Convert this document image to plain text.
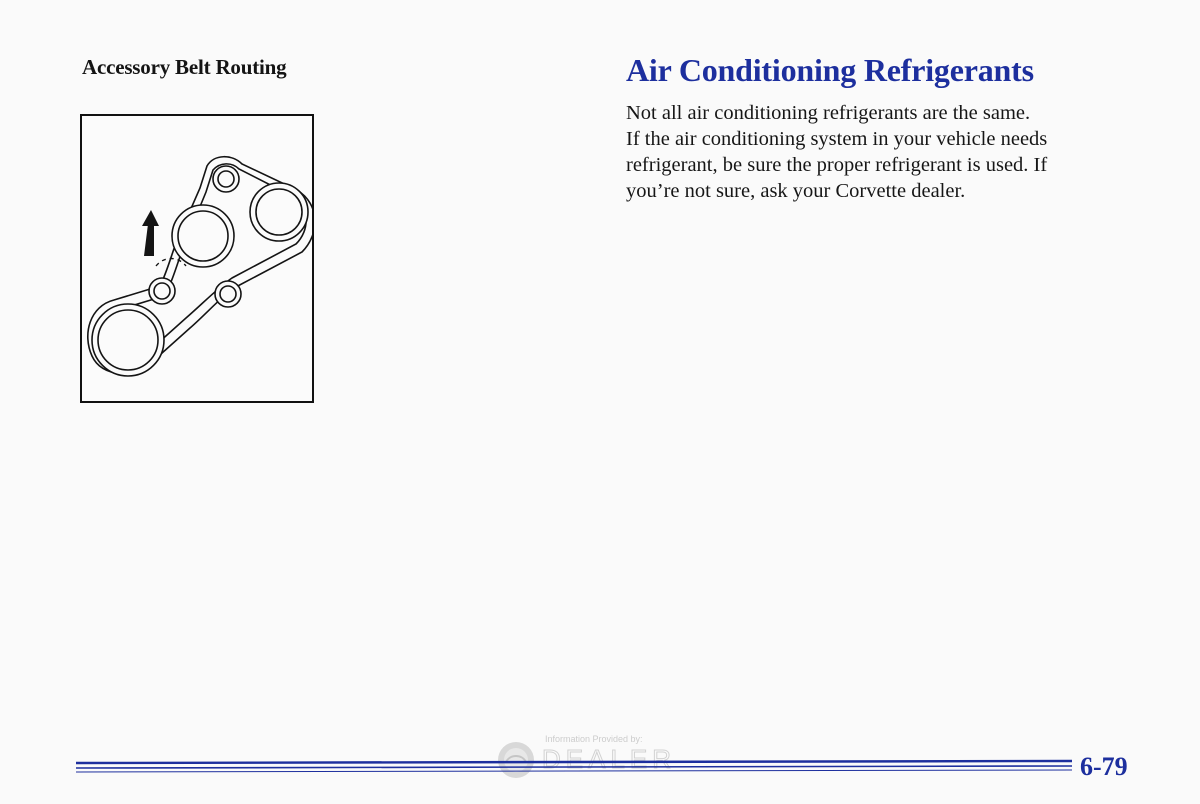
Accessory Belt Routing	Air Conditioning Refrigerants

Not all air conditioning refrigerants are the same.
If the air conditioning system in your vehicle needs
refrigerant, be sure the proper refrigerant is used. If
you’re not sure, ask your Corvette dealer.

Information Provided by:
DEALER	6-79
